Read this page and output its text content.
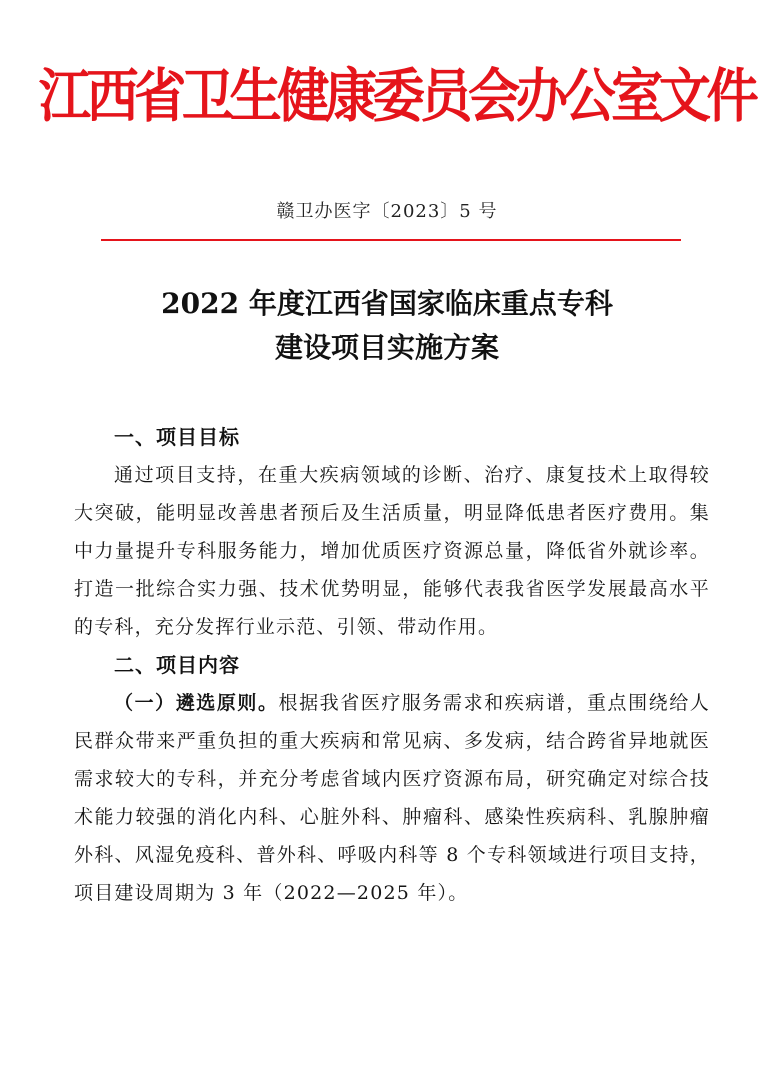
江西省卫生健康委员会办公室文件
赣卫办医字〔2023〕5 号
2022 年度江西省国家临床重点专科
建设项目实施方案

一、项目目标

通过项目支持，在重大疾病领域的诊断、治疗、康复技术上取得较大突破，能明显改善患者预后及生活质量，明显降低患者医疗费用。集中力量提升专科服务能力，增加优质医疗资源总量，降低省外就诊率。打造一批综合实力强、技术优势明显，能够代表我省医学发展最高水平的专科，充分发挥行业示范、引领、带动作用。

二、项目内容

（一）遴选原则。根据我省医疗服务需求和疾病谱，重点围绕给人民群众带来严重负担的重大疾病和常见病、多发病，结合跨省异地就医需求较大的专科，并充分考虑省域内医疗资源布局，研究确定对综合技术能力较强的消化内科、心脏外科、肿瘤科、感染性疾病科、乳腺肿瘤外科、风湿免疫科、普外科、呼吸内科等 8 个专科领域进行项目支持，项目建设周期为 3 年（2022—2025 年）。
